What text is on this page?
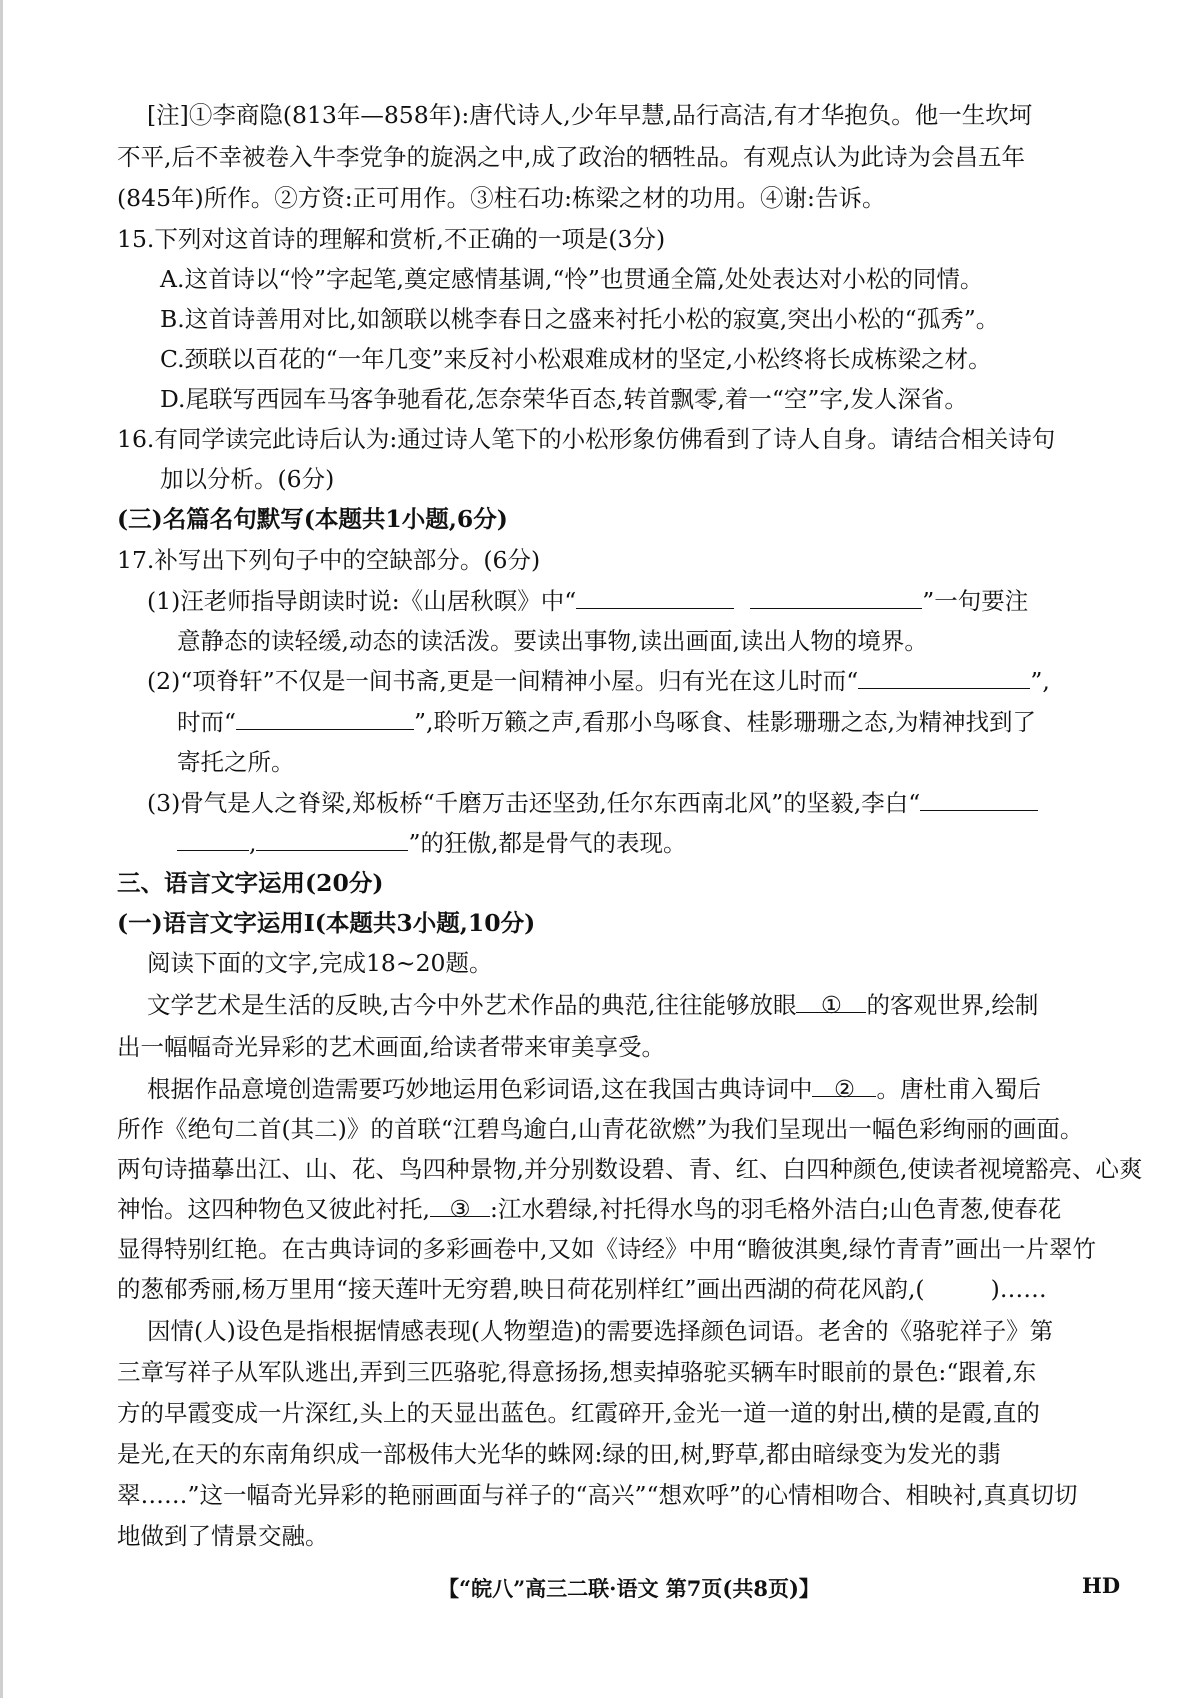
[注]①李商隐(813年—858年):唐代诗人,少年早慧,品行高洁,有才华抱负。他一生坎坷
不平,后不幸被卷入牛李党争的旋涡之中,成了政治的牺牲品。有观点认为此诗为会昌五年
(845年)所作。②方资:正可用作。③柱石功:栋梁之材的功用。④谢:告诉。
15.下列对这首诗的理解和赏析,不正确的一项是(3分)
A.这首诗以“怜”字起笔,奠定感情基调,“怜”也贯通全篇,处处表达对小松的同情。
B.这首诗善用对比,如颔联以桃李春日之盛来衬托小松的寂寞,突出小松的“孤秀”。
C.颈联以百花的“一年几变”来反衬小松艰难成材的坚定,小松终将长成栋梁之材。
D.尾联写西园车马客争驰看花,怎奈荣华百态,转首飘零,着一“空”字,发人深省。
16.有同学读完此诗后认为:通过诗人笔下的小松形象仿佛看到了诗人自身。请结合相关诗句
加以分析。(6分)
(三)名篇名句默写(本题共1小题,6分)
17.补写出下列句子中的空缺部分。(6分)
(1)汪老师指导朗读时说:《山居秋暝》中“	”一句要注
意静态的读轻缓,动态的读活泼。要读出事物,读出画面,读出人物的境界。
(2)“项脊轩”不仅是一间书斋,更是一间精神小屋。归有光在这儿时而“	”,
时而“	”,聆听万籁之声,看那小鸟啄食、桂影珊珊之态,为精神找到了
寄托之所。
(3)骨气是人之脊梁,郑板桥“千磨万击还坚劲,任尔东西南北风”的坚毅,李白“
,	”的狂傲,都是骨气的表现。
三、语言文字运用(20分)
(一)语言文字运用Ⅰ(本题共3小题,10分)
阅读下面的文字,完成18~20题。
文学艺术是生活的反映,古今中外艺术作品的典范,往往能够放眼 ① 的客观世界,绘制
出一幅幅奇光异彩的艺术画面,给读者带来审美享受。
根据作品意境创造需要巧妙地运用色彩词语,这在我国古典诗词中 ② 。唐杜甫入蜀后
所作《绝句二首(其二)》的首联“江碧鸟逾白,山青花欲燃”为我们呈现出一幅色彩绚丽的画面。
两句诗描摹出江、山、花、鸟四种景物,并分别数设碧、青、红、白四种颜色,使读者视境豁亮、心爽
神怡。这四种物色又彼此衬托, ③ :江水碧绿,衬托得水鸟的羽毛格外洁白;山色青葱,使春花
显得特别红艳。在古典诗词的多彩画卷中,又如《诗经》中用“瞻彼淇奥,绿竹青青”画出一片翠竹
的葱郁秀丽,杨万里用“接天莲叶无穷碧,映日荷花别样红”画出西湖的荷花风韵,(	)……
因情(人)设色是指根据情感表现(人物塑造)的需要选择颜色词语。老舍的《骆驼祥子》第
三章写祥子从军队逃出,弄到三匹骆驼,得意扬扬,想卖掉骆驼买辆车时眼前的景色:“跟着,东
方的早霞变成一片深红,头上的天显出蓝色。红霞碎开,金光一道一道的射出,横的是霞,直的
是光,在天的东南角织成一部极伟大光华的蛛网:绿的田,树,野草,都由暗绿变为发光的翡
翠……”这一幅奇光异彩的艳丽画面与祥子的“高兴”“想欢呼”的心情相吻合、相映衬,真真切切
地做到了情景交融。
【“皖八”高三二联·语文 第7页(共8页)】	HD
